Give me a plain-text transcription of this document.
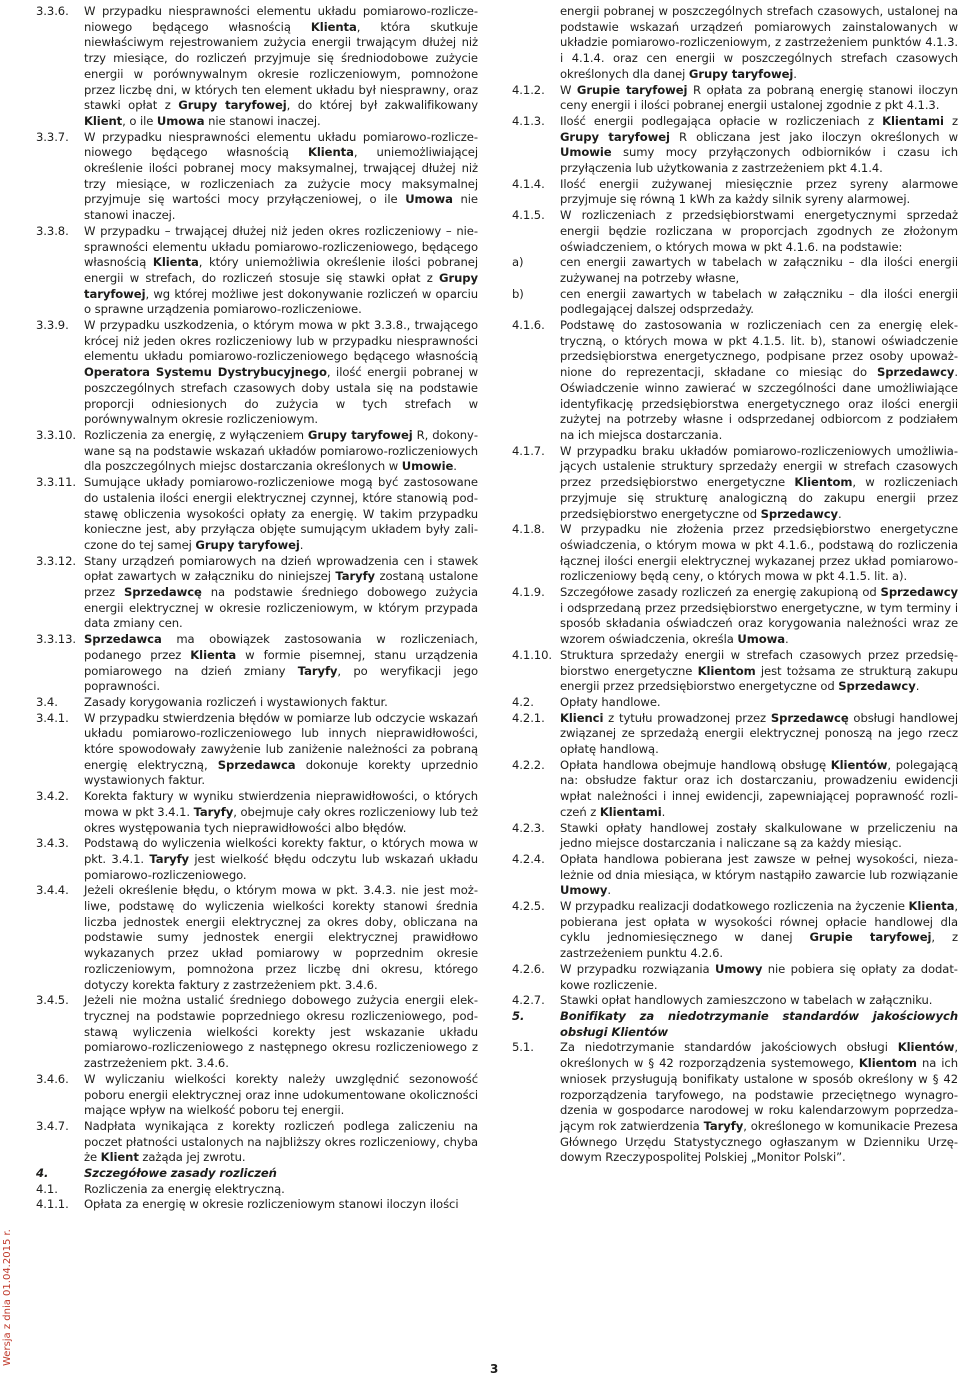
3.3.6.	W przypadku niesprawności elementu układu pomiarowo-rozliczeniowego będącego własnością Klienta, która skutkuje niewłaściwym rejestrowaniem zużycia energii trwającym dłużej niż trzy miesiące, do rozliczeń przyjmuje się średniodobowe zużycie energii w porównywalnym okresie rozliczeniowym, pomnożone przez liczbę dni, w których ten element układu był niesprawny, oraz stawki opłat z Grupy taryfowej, do której był zakwalifikowany Klient, o ile Umowa nie stanowi inaczej.
3.3.7.	W przypadku niesprawności elementu układu pomiarowo-rozliczeniowego będącego własnością Klienta, uniemożliwiającej określenie ilości pobranej mocy maksymalnej, trwającej dłużej niż trzy miesiące, w rozliczeniach za zużycie mocy maksymalnej przyjmuje się wartości mocy przyłączeniowej, o ile Umowa nie stanowi inaczej.
3.3.8.	W przypadku – trwającej dłużej niż jeden okres rozliczeniowy – niesprawności elementu układu pomiarowo-rozliczeniowego, będącego własnością Klienta, który uniemożliwia określenie ilości pobranej energii w strefach, do rozliczeń stosuje się stawki opłat z Grupy taryfowej, wg której możliwe jest dokonywanie rozliczeń w oparciu o sprawne urządzenia pomiarowo-rozliczeniowe.
3.3.9.	W przypadku uszkodzenia, o którym mowa w pkt 3.3.8., trwającego krócej niż jeden okres rozliczeniowy lub w przypadku niesprawności elementu układu pomiarowo-rozliczeniowego będącego własnością Operatora Systemu Dystrybucyjnego, ilość energii pobranej w poszczególnych strefach czasowych doby ustala się na podstawie proporcji odniesionych do zużycia w tych strefach w porównywalnym okresie rozliczeniowym.
3.3.10. Rozliczenia za energię, z wyłączeniem Grupy taryfowej R, dokonywane są na podstawie wskazań układów pomiarowo-rozliczeniowych dla poszczególnych miejsc dostarczania określonych w Umowie.
3.3.11. Sumujące układy pomiarowo-rozliczeniowe mogą być zastosowane do ustalenia ilości energii elektrycznej czynnej, które stanowią podstawę obliczenia wysokości opłaty za energię. W takim przypadku konieczne jest, aby przyłącza objęte sumującym układem były zaliczone do tej samej Grupy taryfowej.
3.3.12. Stany urządzeń pomiarowych na dzień wprowadzenia cen i stawek opłat zawartych w załączniku do niniejszej Taryfy zostaną ustalone przez Sprzedawcę na podstawie średniego dobowego zużycia energii elektrycznej w okresie rozliczeniowym, w którym przypada data zmiany cen.
3.3.13. Sprzedawca ma obowiązek zastosowania w rozliczeniach, podanego przez Klienta w formie pisemnej, stanu urządzenia pomiarowego na dzień zmiany Taryfy, po weryfikacji jego poprawności.
3.4.	Zasady korygowania rozliczeń i wystawionych faktur.
3.4.1.	W przypadku stwierdzenia błędów w pomiarze lub odczycie wskazań układu pomiarowo-rozliczeniowego lub innych nieprawidłowości, które spowodowały zawyżenie lub zaniżenie należności za pobraną energię elektryczną, Sprzedawca dokonuje korekty uprzednio wystawionych faktur.
3.4.2.	Korekta faktury w wyniku stwierdzenia nieprawidłowości, o których mowa w pkt 3.4.1. Taryfy, obejmuje cały okres rozliczeniowy lub też okres występowania tych nieprawidłowości albo błędów.
3.4.3.	Podstawą do wyliczenia wielkości korekty faktur, o których mowa w pkt. 3.4.1. Taryfy jest wielkość błędu odczytu lub wskazań układu pomiarowo-rozliczeniowego.
3.4.4.	Jeżeli określenie błędu, o którym mowa w pkt. 3.4.3. nie jest możliwe, podstawę do wyliczenia wielkości korekty stanowi średnia liczba jednostek energii elektrycznej za okres doby, obliczana na podstawie sumy jednostek energii elektrycznej prawidłowo wykazanych przez układ pomiarowy w poprzednim okresie rozliczeniowym, pomnożona przez liczbę dni okresu, którego dotyczy korekta faktury z zastrzeżeniem pkt. 3.4.6.
3.4.5.	Jeżeli nie można ustalić średniego dobowego zużycia energii elektrycznej na podstawie poprzedniego okresu rozliczeniowego, podstawą wyliczenia wielkości korekty jest wskazanie układu pomiarowo-rozliczeniowego z następnego okresu rozliczeniowego z zastrzeżeniem pkt. 3.4.6.
3.4.6.	W wyliczaniu wielkości korekty należy uwzględnić sezonowość poboru energii elektrycznej oraz inne udokumentowane okoliczności mające wpływ na wielkość poboru tej energii.
3.4.7.	Nadpłata wynikająca z korekty rozliczeń podlega zaliczeniu na poczet płatności ustalonych na najbliższy okres rozliczeniowy, chyba że Klient zażąda jej zwrotu.
4.	Szczegółowe zasady rozliczeń
4.1.	Rozliczenia za energię elektryczną.
4.1.1.	Opłata za energię w okresie rozliczeniowym stanowi iloczyn ilości
energii pobranej w poszczególnych strefach czasowych, ustalonej na podstawie wskazań urządzeń pomiarowych zainstalowanych w układzie pomiarowo-rozliczeniowym, z zastrzeżeniem punktów 4.1.3. i 4.1.4. oraz cen energii w poszczególnych strefach czasowych określonych dla danej Grupy taryfowej.
4.1.2.	W Grupie taryfowej R opłata za pobraną energię stanowi iloczyn ceny energii i ilości pobranej energii ustalonej zgodnie z pkt 4.1.3.
4.1.3.	Ilość energii podlegająca opłacie w rozliczeniach z Klientami z Grupy taryfowej R obliczana jest jako iloczyn określonych w Umowie sumy mocy przyłączonych odbiorników i czasu ich przyłączenia lub użytkowania z zastrzeżeniem pkt 4.1.4.
4.1.4.	Ilość energii zużywanej miesięcznie przez syreny alarmowe przyjmuje się równą 1 kWh za każdy silnik syreny alarmowej.
4.1.5.	W rozliczeniach z przedsiębiorstwami energetycznymi sprzedaż energii będzie rozliczana w proporcjach zgodnych ze złożonym oświadczeniem, o których mowa w pkt 4.1.6. na podstawie:
a)	cen energii zawartych w tabelach w załączniku – dla ilości energii zużywanej na potrzeby własne,
b)	cen energii zawartych w tabelach w załączniku – dla ilości energii podlegającej dalszej odsprzedaży.
4.1.6.	Podstawę do zastosowania w rozliczeniach cen za energię elektryczną, o których mowa w pkt 4.1.5. lit. b), stanowi oświadczenie przedsiębiorstwa energetycznego, podpisane przez osoby upoważnione do reprezentacji, składane co miesiąc do Sprzedawcy. Oświadczenie winno zawierać w szczególności dane umożliwiające identyfikację przedsiębiorstwa energetycznego oraz ilości energii zużytej na potrzeby własne i odsprzedanej odbiorcom z podziałem na ich miejsca dostarczania.
4.1.7.	W przypadku braku układów pomiarowo-rozliczeniowych umożliwiających ustalenie struktury sprzedaży energii w strefach czasowych przez przedsiębiorstwo energetyczne Klientom, w rozliczeniach przyjmuje się strukturę analogiczną do zakupu energii przez przedsiębiorstwo energetyczne od Sprzedawcy.
4.1.8.	W przypadku nie złożenia przez przedsiębiorstwo energetyczne oświadczenia, o którym mowa w pkt 4.1.6., podstawą do rozliczenia łącznej ilości energii elektrycznej wykazanej przez układ pomiarowo-rozliczeniowy będą ceny, o których mowa w pkt 4.1.5. lit. a).
4.1.9.	Szczegółowe zasady rozliczeń za energię zakupioną od Sprzedawcy i odsprzedaną przez przedsiębiorstwo energetyczne, w tym terminy i sposób składania oświadczeń oraz korygowania należności wraz ze wzorem oświadczenia, określa Umowa.
4.1.10. Struktura sprzedaży energii w strefach czasowych przez przedsiębiorstwo energetyczne Klientom jest tożsama ze strukturą zakupu energii przez przedsiębiorstwo energetyczne od Sprzedawcy.
4.2.	Opłaty handlowe.
4.2.1.	Klienci z tytułu prowadzonej przez Sprzedawcę obsługi handlowej związanej ze sprzedażą energii elektrycznej ponoszą na jego rzecz opłatę handlową.
4.2.2.	Opłata handlowa obejmuje handlową obsługę Klientów, polegającą na: obsłudze faktur oraz ich dostarczaniu, prowadzeniu ewidencji wpłat należności i innej ewidencji, zapewniającej poprawność rozliczeń z Klientami.
4.2.3.	Stawki opłaty handlowej zostały skalkulowane w przeliczeniu na jedno miejsce dostarczania i naliczane są za każdy miesiąc.
4.2.4.	Opłata handlowa pobierana jest zawsze w pełnej wysokości, niezależnie od dnia miesiąca, w którym nastąpiło zawarcie lub rozwiązanie Umowy.
4.2.5.	W przypadku realizacji dodatkowego rozliczenia na życzenie Klienta, pobierana jest opłata w wysokości równej opłacie handlowej dla cyklu jednomiesięcznego w danej Grupie taryfowej, z zastrzeżeniem punktu 4.2.6.
4.2.6.	W przypadku rozwiązania Umowy nie pobiera się opłaty za dodatkowe rozliczenie.
4.2.7.	Stawki opłat handlowych zamieszczono w tabelach w załączniku.
5.	Bonifikaty za niedotrzymanie standardów jakościowych obsługi Klientów
5.1.	Za niedotrzymanie standardów jakościowych obsługi Klientów, określonych w § 42 rozporządzenia systemowego, Klientom na ich wniosek przysługują bonifikaty ustalone w sposób określony w § 42 rozporządzenia taryfowego, na podstawie przeciętnego wynagrodzenia w gospodarce narodowej w roku kalendarzowym poprzedzającym rok zatwierdzenia Taryfy, określonego w komunikacie Prezesa Głównego Urzędu Statystycznego ogłaszanym w Dzienniku Urzędowym Rzeczypospolitej Polskiej „Monitor Polski”.
Wersja z dnia 01.04.2015 r.
3
